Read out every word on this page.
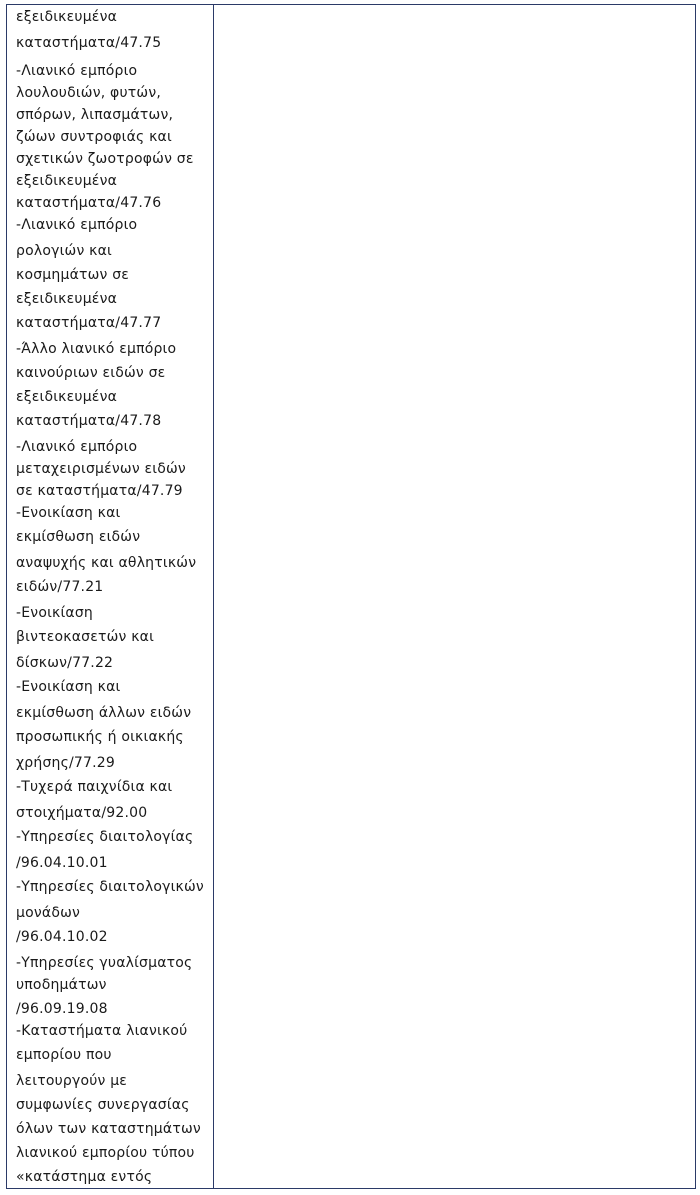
εξειδικευμένα
καταστήματα/47.75
-Λιανικό εμπόριο
λουλουδιών, φυτών,
σπόρων, λιπασμάτων,
ζώων συντροφιάς και
σχετικών ζωοτροφών σε
εξειδικευμένα
καταστήματα/47.76
-Λιανικό εμπόριο
ρολογιών και
κοσμημάτων σε
εξειδικευμένα
καταστήματα/47.77
-Άλλο λιανικό εμπόριο
καινούριων ειδών σε
εξειδικευμένα
καταστήματα/47.78
-Λιανικό εμπόριο
μεταχειρισμένων ειδών
σε καταστήματα/47.79
-Ενοικίαση και
εκμίσθωση ειδών
αναψυχής και αθλητικών
ειδών/77.21
-Ενοικίαση
βιντεοκασετών και
δίσκων/77.22
-Ενοικίαση και
εκμίσθωση άλλων ειδών
προσωπικής ή οικιακής
χρήσης/77.29
-Τυχερά παιχνίδια και
στοιχήματα/92.00
-Υπηρεσίες διαιτολογίας
/96.04.10.01
-Υπηρεσίες διαιτολογικών
μονάδων
/96.04.10.02
-Υπηρεσίες γυαλίσματος
υποδημάτων
/96.09.19.08
-Καταστήματα λιανικού
εμπορίου που
λειτουργούν με
συμφωνίες συνεργασίας
όλων των καταστημάτων
λιανικού εμπορίου τύπου
«κατάστημα εντός
